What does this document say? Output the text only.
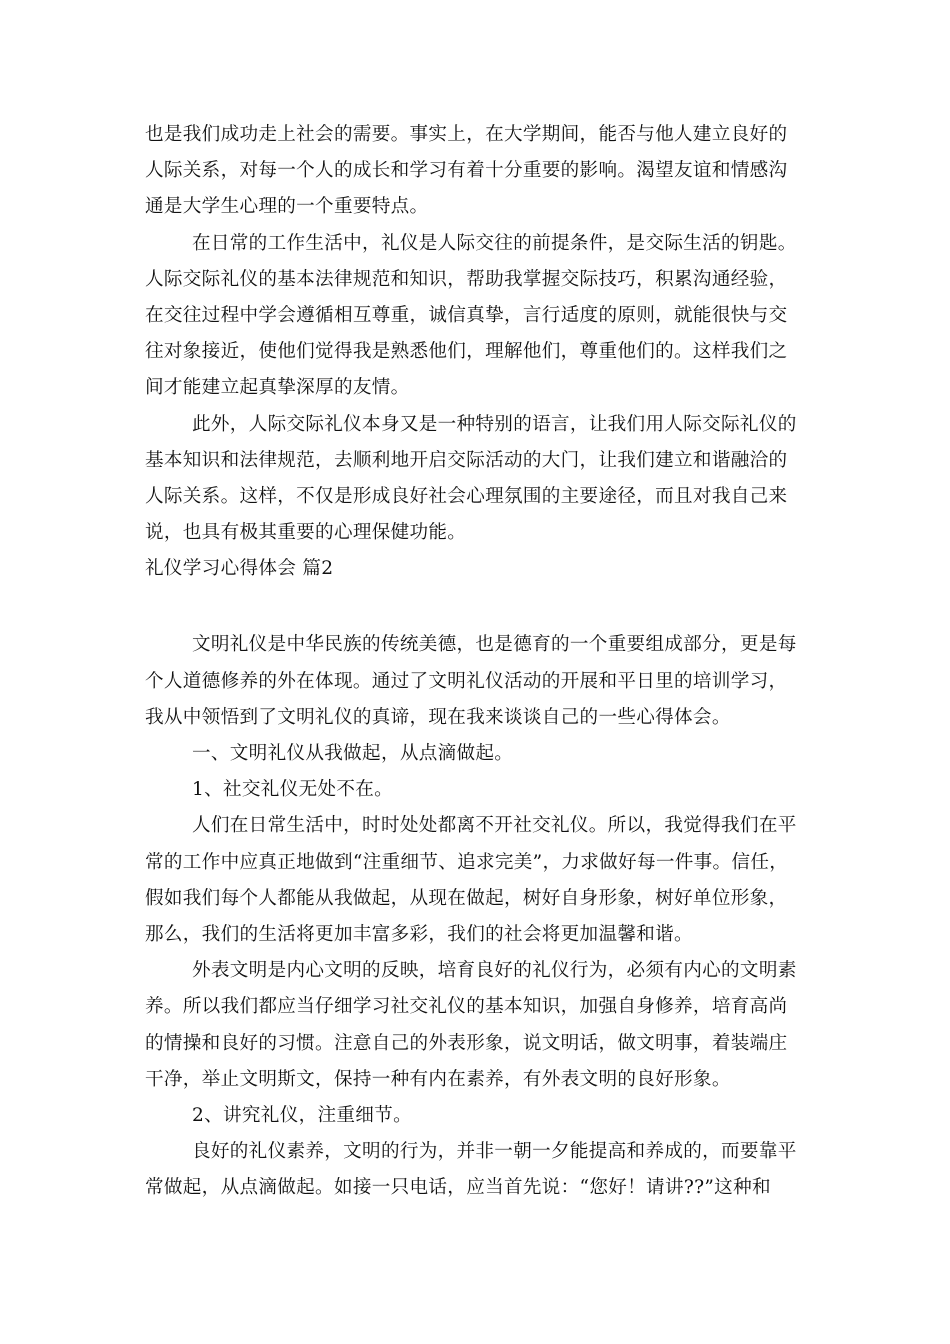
也是我们成功走上社会的需要。事实上，在大学期间，能否与他人建立良好的
人际关系，对每一个人的成长和学习有着十分重要的影响。渴望友谊和情感沟
通是大学生心理的一个重要特点。
在日常的工作生活中，礼仪是人际交往的前提条件，是交际生活的钥匙。
人际交际礼仪的基本法律规范和知识，帮助我掌握交际技巧，积累沟通经验，
在交往过程中学会遵循相互尊重，诚信真挚，言行适度的原则，就能很快与交
往对象接近，使他们觉得我是熟悉他们，理解他们，尊重他们的。这样我们之
间才能建立起真挚深厚的友情。
此外，人际交际礼仪本身又是一种特别的语言，让我们用人际交际礼仪的
基本知识和法律规范，去顺利地开启交际活动的大门，让我们建立和谐融洽的
人际关系。这样，不仅是形成良好社会心理氛围的主要途径，而且对我自己来
说，也具有极其重要的心理保健功能。
礼仪学习心得体会 篇2
文明礼仪是中华民族的传统美德，也是德育的一个重要组成部分，更是每
个人道德修养的外在体现。通过了文明礼仪活动的开展和平日里的培训学习，
我从中领悟到了文明礼仪的真谛，现在我来谈谈自己的一些心得体会。
一、文明礼仪从我做起，从点滴做起。
1、社交礼仪无处不在。
人们在日常生活中，时时处处都离不开社交礼仪。所以，我觉得我们在平
常的工作中应真正地做到“注重细节、追求完美”，力求做好每一件事。信任，
假如我们每个人都能从我做起，从现在做起，树好自身形象，树好单位形象，
那么，我们的生活将更加丰富多彩，我们的社会将更加温馨和谐。
外表文明是内心文明的反映，培育良好的礼仪行为，必须有内心的文明素
养。所以我们都应当仔细学习社交礼仪的基本知识，加强自身修养，培育高尚
的情操和良好的习惯。注意自己的外表形象，说文明话，做文明事，着装端庄
干净，举止文明斯文，保持一种有内在素养，有外表文明的良好形象。
2、讲究礼仪，注重细节。
良好的礼仪素养，文明的行为，并非一朝一夕能提高和养成的，而要靠平
常做起，从点滴做起。如接一只电话，应当首先说：“您好！请讲??”这种和
